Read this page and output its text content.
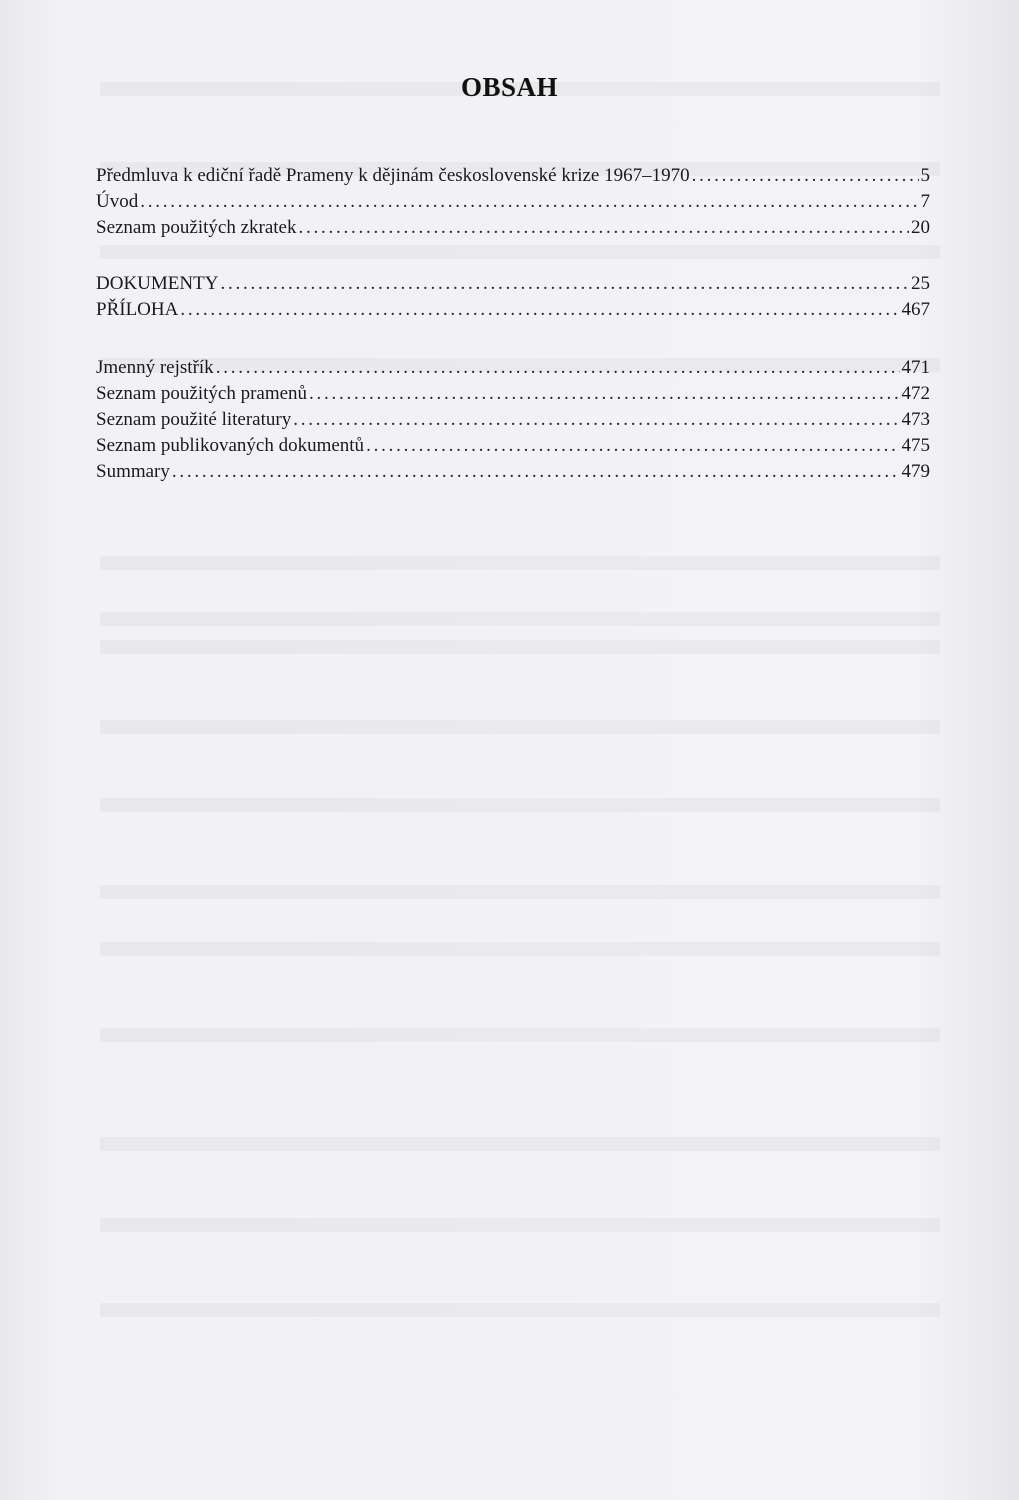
OBSAH
Předmluva k ediční řadě Prameny k dějinám československé krize 1967–1970 . . .	5
Úvod . . .	7
Seznam použitých zkratek . . .	20
DOKUMENTY . . .	25
PŘÍLOHA . . .	467
Jmenný rejstřík . . .	471
Seznam použitých pramenů . . .	472
Seznam použité literatury . . .	473
Seznam publikovaných dokumentů . . .	475
Summary . . .	479
